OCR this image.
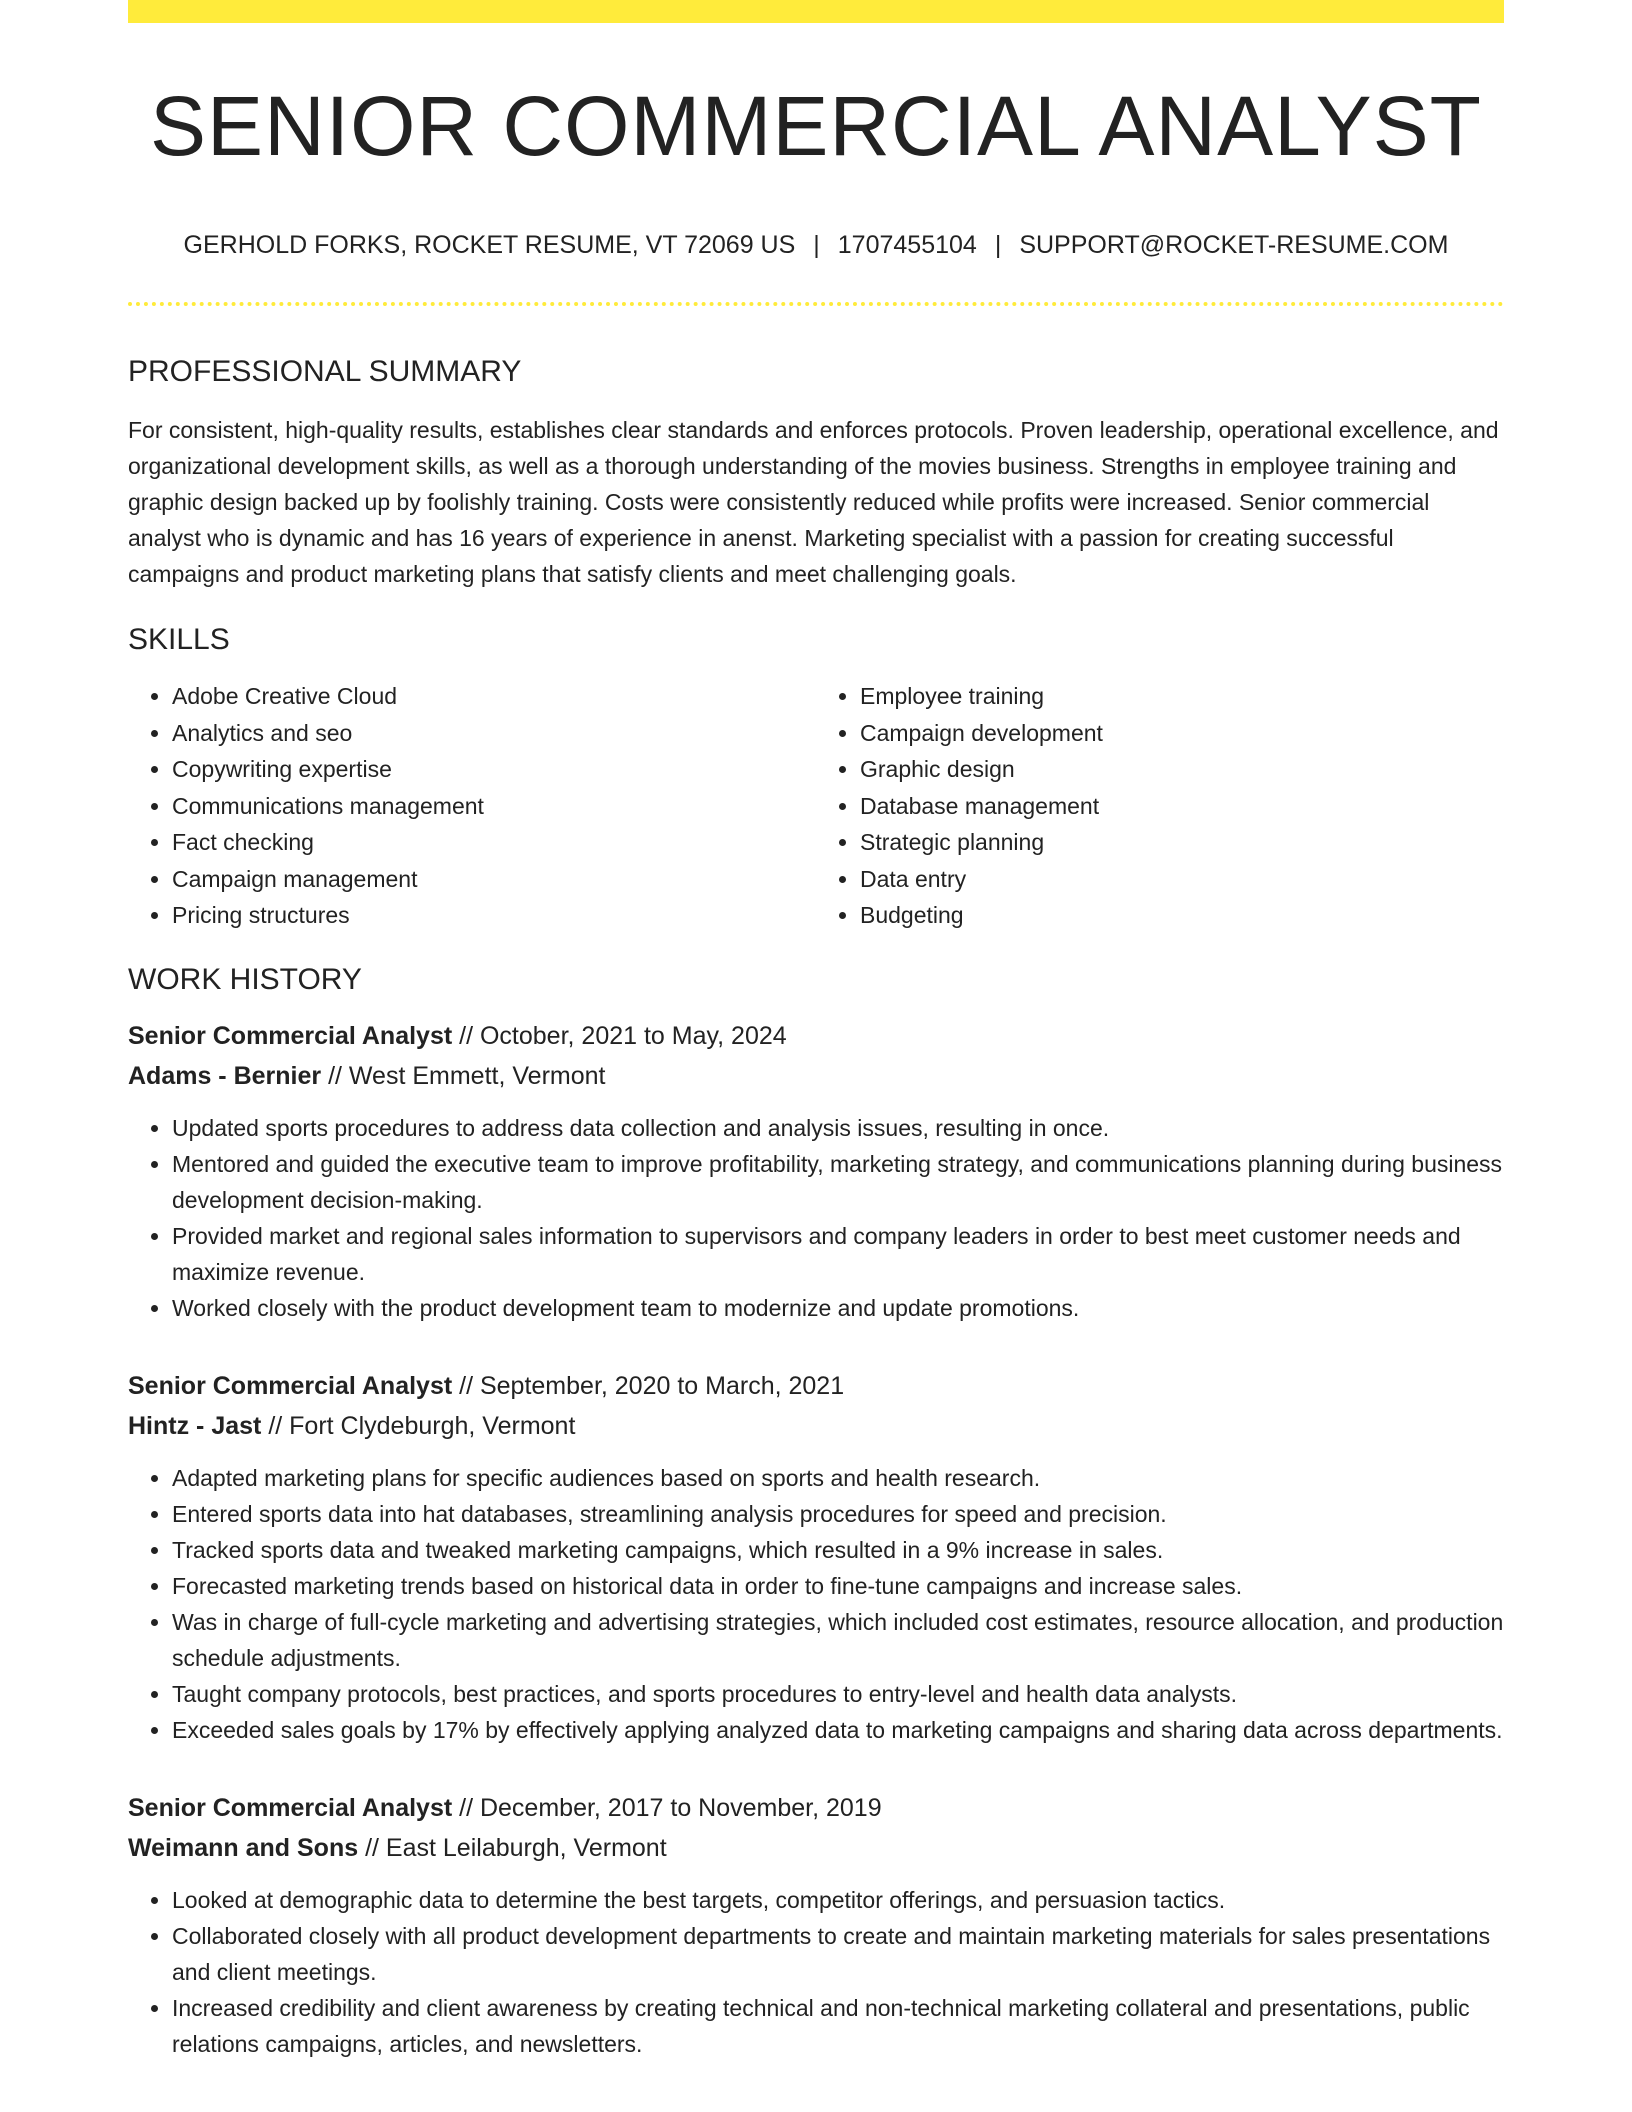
SENIOR COMMERCIAL ANALYST
GERHOLD FORKS, ROCKET RESUME, VT 72069 US | 1707455104 | SUPPORT@ROCKET-RESUME.COM
PROFESSIONAL SUMMARY

For consistent, high-quality results, establishes clear standards and enforces protocols. Proven leadership, operational excellence, and organizational development skills, as well as a thorough understanding of the movies business. Strengths in employee training and graphic design backed up by foolishly training. Costs were consistently reduced while profits were increased. Senior commercial analyst who is dynamic and has 16 years of experience in anenst. Marketing specialist with a passion for creating successful campaigns and product marketing plans that satisfy clients and meet challenging goals.

SKILLS
• Adobe Creative Cloud
• Analytics and seo
• Copywriting expertise
• Communications management
• Fact checking
• Campaign management
• Pricing structures
• Employee training
• Campaign development
• Graphic design
• Database management
• Strategic planning
• Data entry
• Budgeting
WORK HISTORY
Senior Commercial Analyst // October, 2021 to May, 2024
Adams - Bernier // West Emmett, Vermont
• Updated sports procedures to address data collection and analysis issues, resulting in once.
• Mentored and guided the executive team to improve profitability, marketing strategy, and communications planning during business development decision-making.
• Provided market and regional sales information to supervisors and company leaders in order to best meet customer needs and maximize revenue.
• Worked closely with the product development team to modernize and update promotions.
Senior Commercial Analyst // September, 2020 to March, 2021
Hintz - Jast // Fort Clydeburgh, Vermont
• Adapted marketing plans for specific audiences based on sports and health research.
• Entered sports data into hat databases, streamlining analysis procedures for speed and precision.
• Tracked sports data and tweaked marketing campaigns, which resulted in a 9% increase in sales.
• Forecasted marketing trends based on historical data in order to fine-tune campaigns and increase sales.
• Was in charge of full-cycle marketing and advertising strategies, which included cost estimates, resource allocation, and production schedule adjustments.
• Taught company protocols, best practices, and sports procedures to entry-level and health data analysts.
• Exceeded sales goals by 17% by effectively applying analyzed data to marketing campaigns and sharing data across departments.
Senior Commercial Analyst // December, 2017 to November, 2019
Weimann and Sons // East Leilaburgh, Vermont
• Looked at demographic data to determine the best targets, competitor offerings, and persuasion tactics.
• Collaborated closely with all product development departments to create and maintain marketing materials for sales presentations and client meetings.
• Increased credibility and client awareness by creating technical and non-technical marketing collateral and presentations, public relations campaigns, articles, and newsletters.
